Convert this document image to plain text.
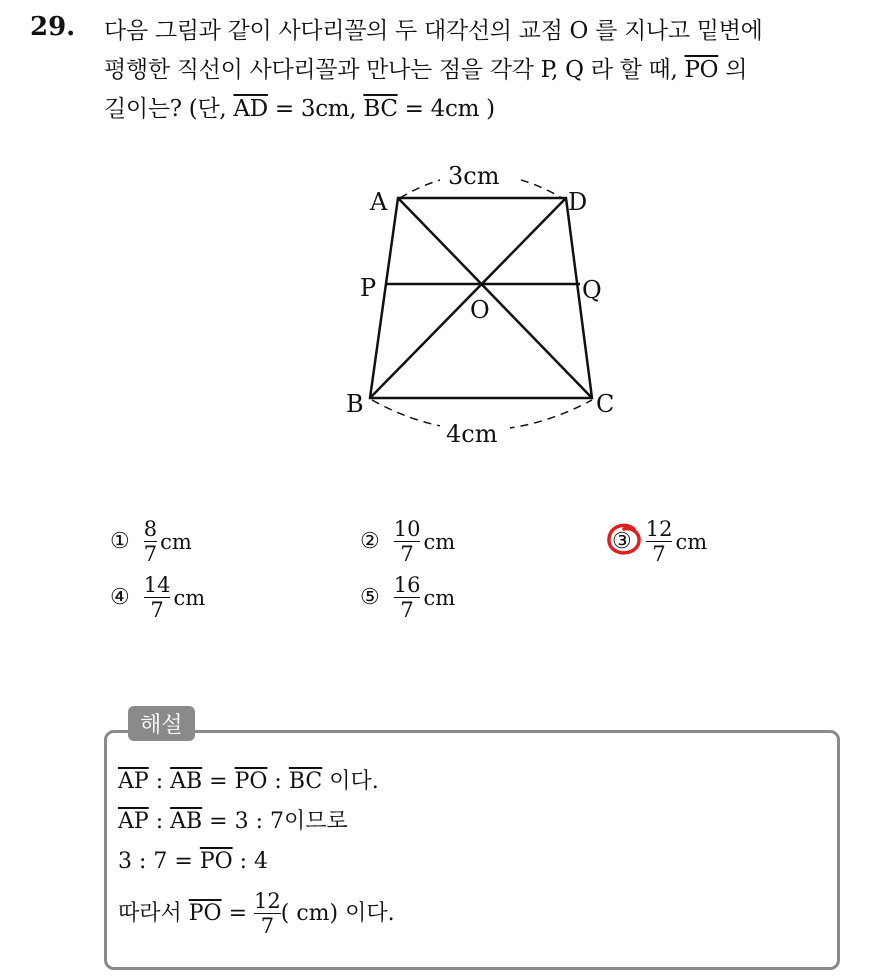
29. 다음 그림과 같이 사다리꼴의 두 대각선의 교점 O 를 지나고 밑변에
평행한 직선이 사다리꼴과 만나는 점을 각각 P, Q 라 할 때, $\overline{PO}$ 의
길이는? (단, $\overline{AD} = 3cm$, $\overline{BC} = 4cm$ )
3cm
4cm
A	D
P	Q
O
B	C
① $\frac{8}{7}$ cm	② $\frac{10}{7}$ cm	③ $\frac{12}{7}$ cm
④ $\frac{14}{7}$ cm	⑤ $\frac{16}{7}$ cm
해설
$\overline{AP}$ : $\overline{AB} = \overline{PO}$ : $\overline{BC}$ 이다.
$\overline{AP}$ : $\overline{AB} = 3$ : 7이므로
3 : $7 = \overline{PO}$ : 4
따라서 $\overline{PO} = \frac{12}{7}$ ( cm) 이다.
